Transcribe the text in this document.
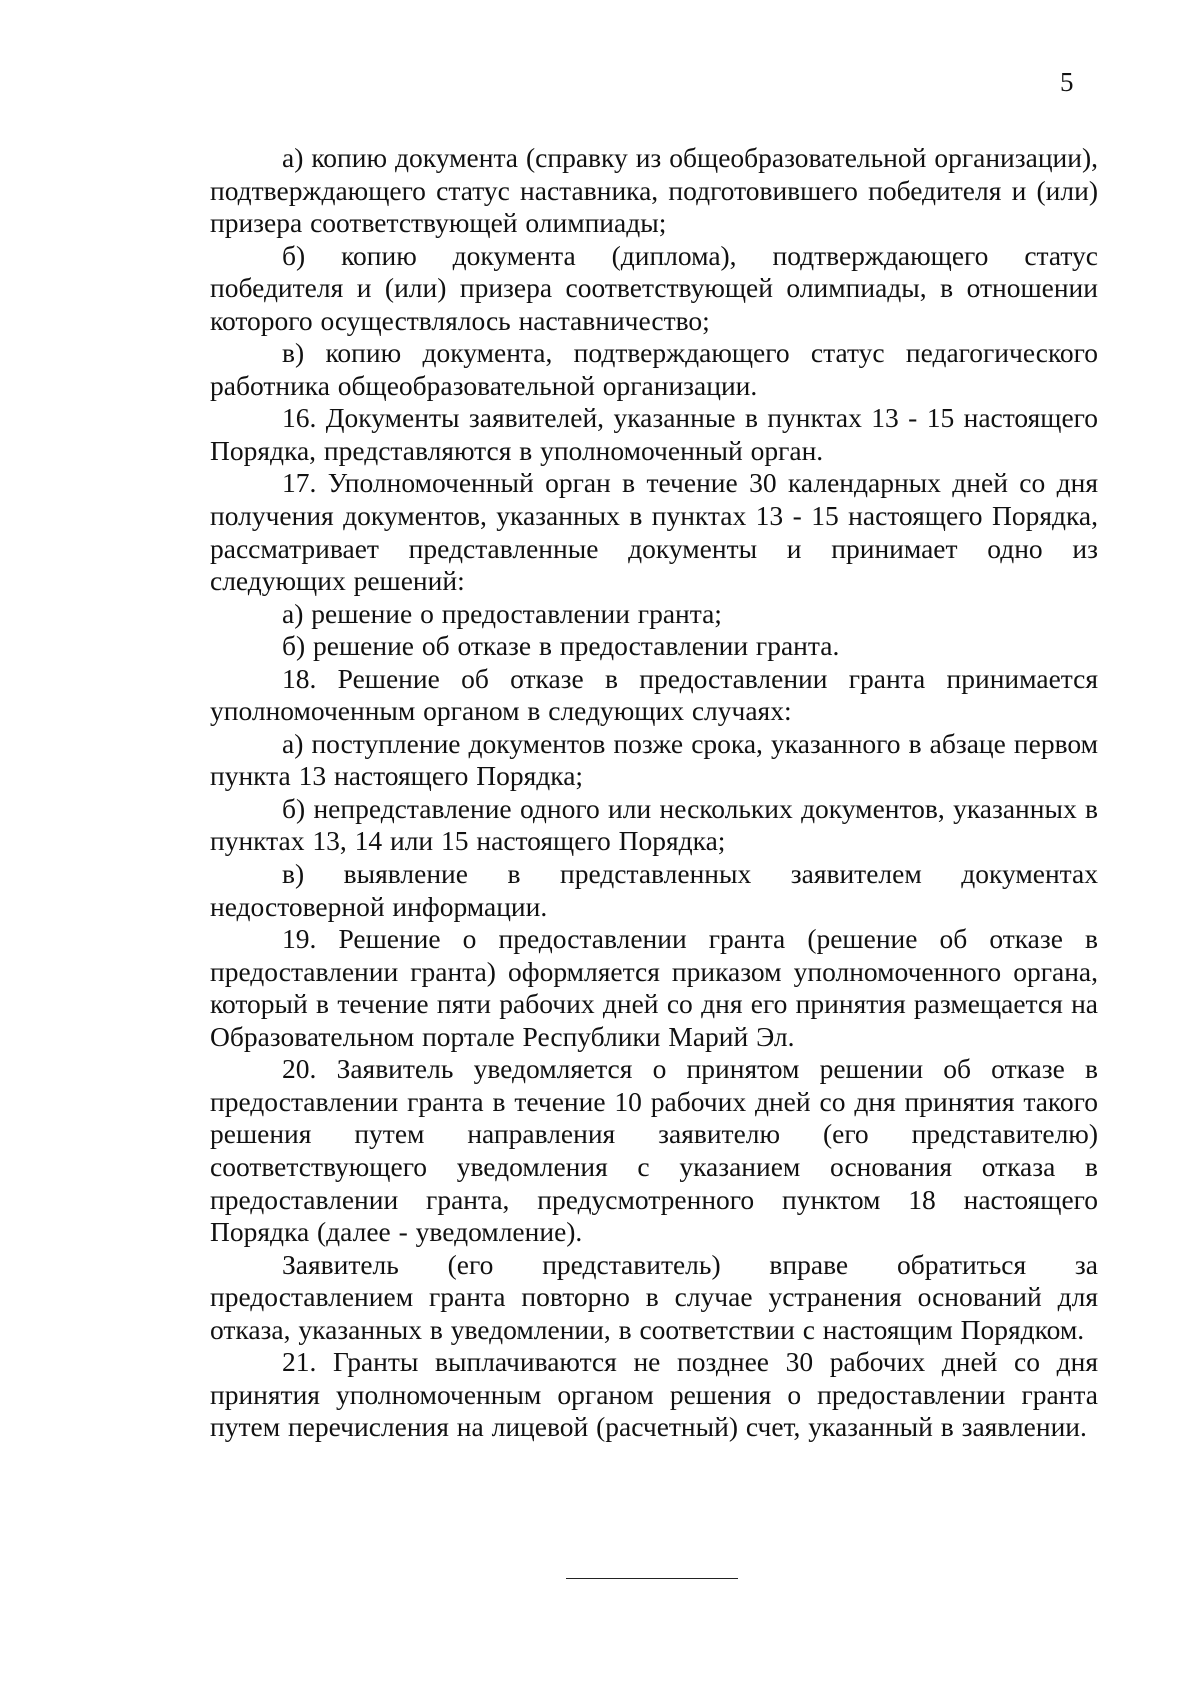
5

а) копию документа (справку из общеобразовательной организации), подтверждающего статус наставника, подготовившего победителя и (или) призера соответствующей олимпиады;

б) копию документа (диплома), подтверждающего статус победителя и (или) призера соответствующей олимпиады, в отношении которого осуществлялось наставничество;

в) копию документа, подтверждающего статус педагогического работника общеобразовательной организации.

16. Документы заявителей, указанные в пунктах 13 - 15 настоящего Порядка, представляются в уполномоченный орган.

17. Уполномоченный орган в течение 30 календарных дней со дня получения документов, указанных в пунктах 13 - 15 настоящего Порядка, рассматривает представленные документы и принимает одно из следующих решений:

а) решение о предоставлении гранта;

б) решение об отказе в предоставлении гранта.

18. Решение об отказе в предоставлении гранта принимается уполномоченным органом в следующих случаях:

а) поступление документов позже срока, указанного в абзаце первом пункта 13 настоящего Порядка;

б) непредставление одного или нескольких документов, указанных в пунктах 13, 14 или 15 настоящего Порядка;

в) выявление в представленных заявителем документах недостоверной информации.

19. Решение о предоставлении гранта (решение об отказе в предоставлении гранта) оформляется приказом уполномоченного органа, который в течение пяти рабочих дней со дня его принятия размещается на Образовательном портале Республики Марий Эл.

20. Заявитель уведомляется о принятом решении об отказе в предоставлении гранта в течение 10 рабочих дней со дня принятия такого решения путем направления заявителю (его представителю) соответствующего уведомления с указанием основания отказа в предоставлении гранта, предусмотренного пунктом 18 настоящего Порядка (далее - уведомление).

Заявитель (его представитель) вправе обратиться за предоставлением гранта повторно в случае устранения оснований для отказа, указанных в уведомлении, в соответствии с настоящим Порядком.

21. Гранты выплачиваются не позднее 30 рабочих дней со дня принятия уполномоченным органом решения о предоставлении гранта путем перечисления на лицевой (расчетный) счет, указанный в заявлении.
